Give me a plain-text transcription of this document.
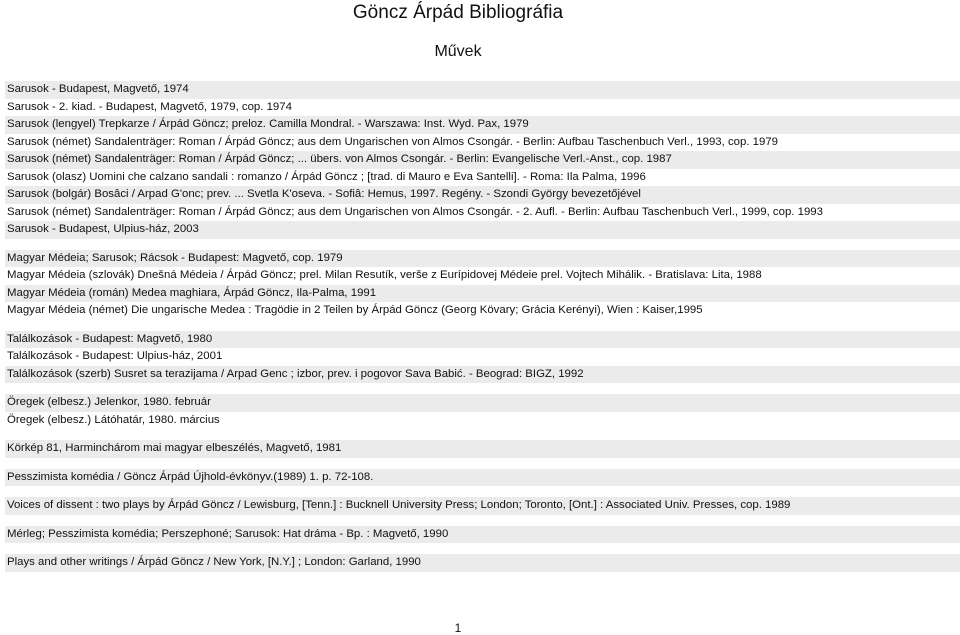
Göncz Árpád Bibliográfia
Művek
Sarusok - Budapest, Magvető, 1974
Sarusok - 2. kiad. - Budapest, Magvető, 1979, cop. 1974
Sarusok (lengyel) Trepkarze / Árpád Göncz; preloz. Camilla Mondral. - Warszawa: Inst. Wyd. Pax, 1979
Sarusok (német) Sandalenträger: Roman / Árpád Göncz; aus dem Ungarischen von Almos Csongár. - Berlin: Aufbau Taschenbuch Verl., 1993, cop. 1979
Sarusok (német) Sandalenträger: Roman / Árpád Göncz; ... übers. von Almos Csongár. - Berlin: Evangelische Verl.-Anst., cop. 1987
Sarusok (olasz) Uomini che calzano sandali : romanzo / Árpád Göncz ; [trad. di Mauro e Eva Santelli]. - Roma: Ila Palma, 1996
Sarusok (bolgár) Bosâci / Arpad G'onc; prev. ... Svetla K'oseva. - Sofiâ: Hemus, 1997. Regény. - Szondi György bevezetőjével
Sarusok (német) Sandalenträger: Roman / Árpád Göncz; aus dem Ungarischen von Almos Csongár. - 2. Aufl. - Berlin: Aufbau Taschenbuch Verl., 1999, cop. 1993
Sarusok - Budapest, Ulpius-ház, 2003
Magyar Médeia; Sarusok; Rácsok - Budapest: Magvető, cop. 1979
Magyar Médeia (szlovák) Dnešná Médeia / Árpád Göncz; prel. Milan Resutík, verše z Eurípidovej Médeie prel. Vojtech Mihálik. - Bratislava: Lita, 1988
Magyar Médeia (román) Medea maghiara, Árpád Göncz, Ila-Palma, 1991
Magyar Médeia (német) Die ungarische Medea : Tragödie in 2 Teilen by Árpád Göncz (Georg Kövary; Grácia Kerényi), Wien : Kaiser,1995
Találkozások - Budapest: Magvető, 1980
Találkozások - Budapest: Ulpius-ház, 2001
Találkozások (szerb) Susret sa terazijama / Arpad Genc ; izbor, prev. i pogovor Sava Babić. - Beograd: BIGZ, 1992
Öregek (elbesz.) Jelenkor, 1980. február
Öregek (elbesz.) Látóhatár, 1980. március
Körkép 81, Harminchárom mai magyar elbeszélés, Magvető, 1981
Pesszimista komédia / Göncz Árpád Újhold-évkönyv.(1989) 1. p. 72-108.
Voices of dissent : two plays by Árpád Göncz / Lewisburg, [Tenn.] : Bucknell University Press; London; Toronto, [Ont.] : Associated Univ. Presses, cop. 1989
Mérleg; Pesszimista komédia; Perszephoné; Sarusok: Hat dráma - Bp. : Magvető, 1990
Plays and other writings / Árpád Göncz / New York, [N.Y.] ; London: Garland, 1990
1
